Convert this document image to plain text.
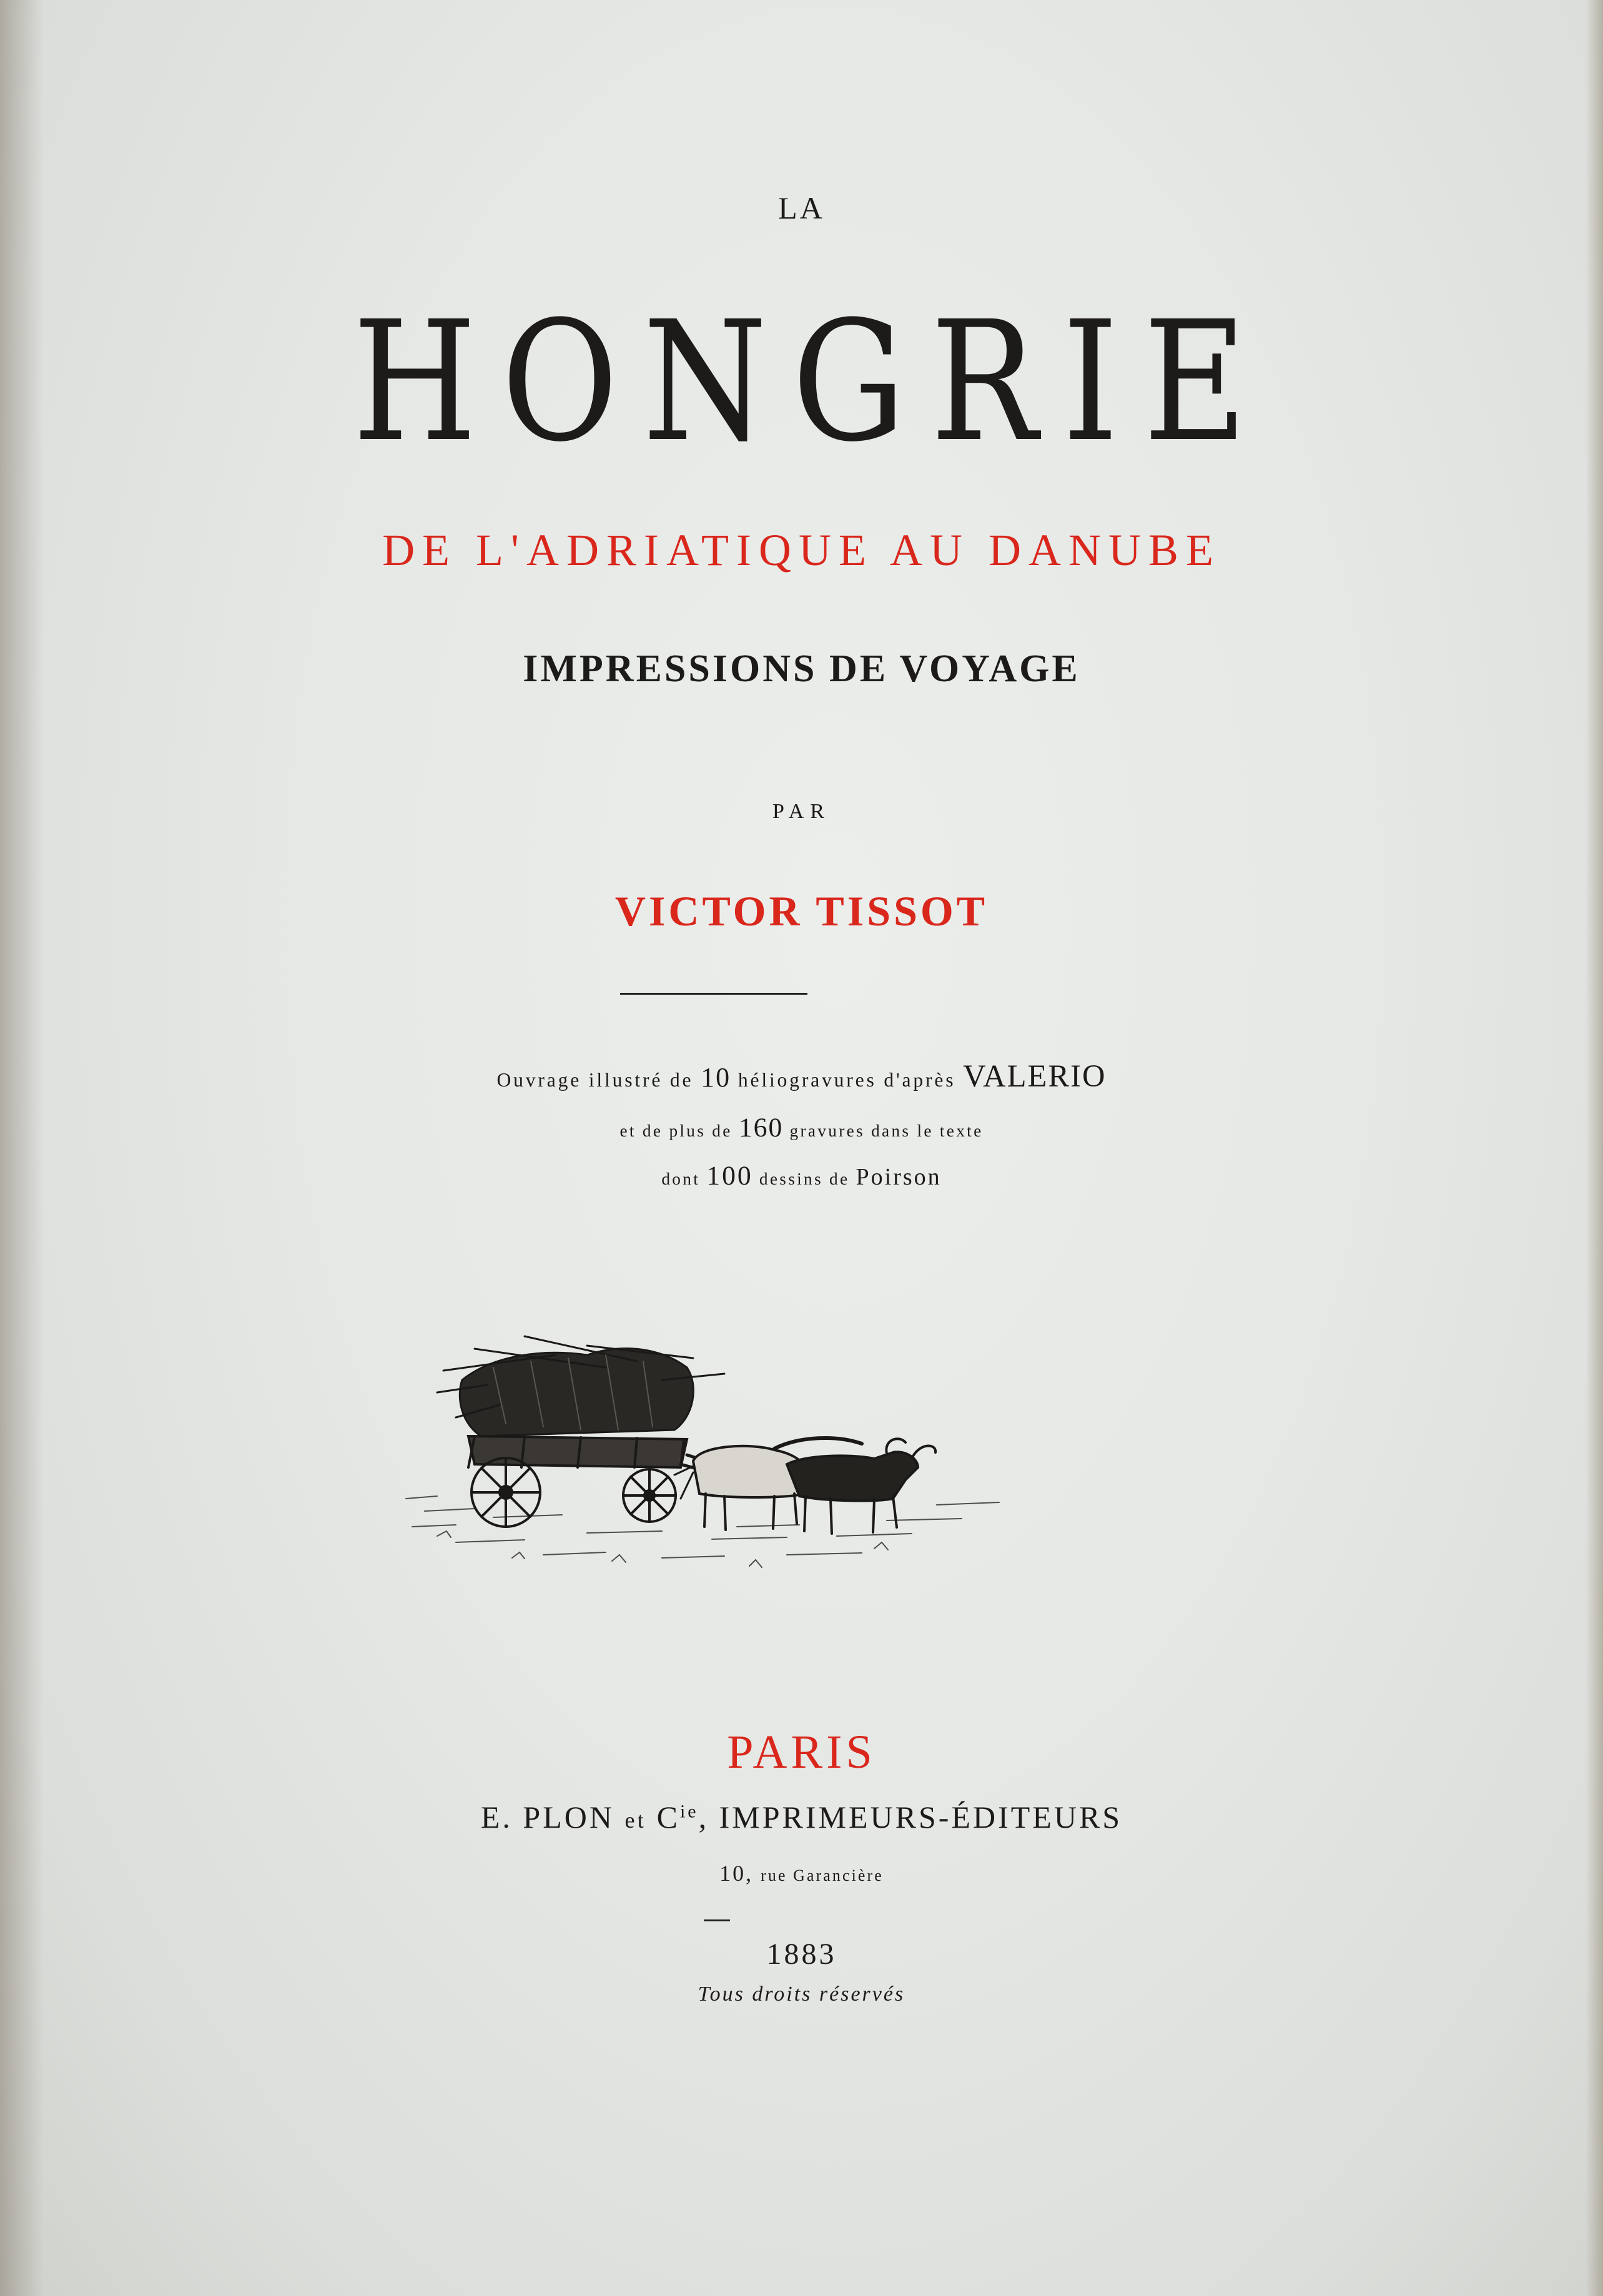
LA
HONGRIE
DE L'ADRIATIQUE AU DANUBE
IMPRESSIONS DE VOYAGE
PAR
VICTOR TISSOT
Ouvrage illustré de 10 héliogravures d'après VALERIO
et de plus de 160 gravures dans le texte
dont 100 dessins de Poirson
PARIS
E. PLON et $C^{ie}$, IMPRIMEURS-ÉDITEURS
10, rue Garancière
1883
Tous droits réservés
